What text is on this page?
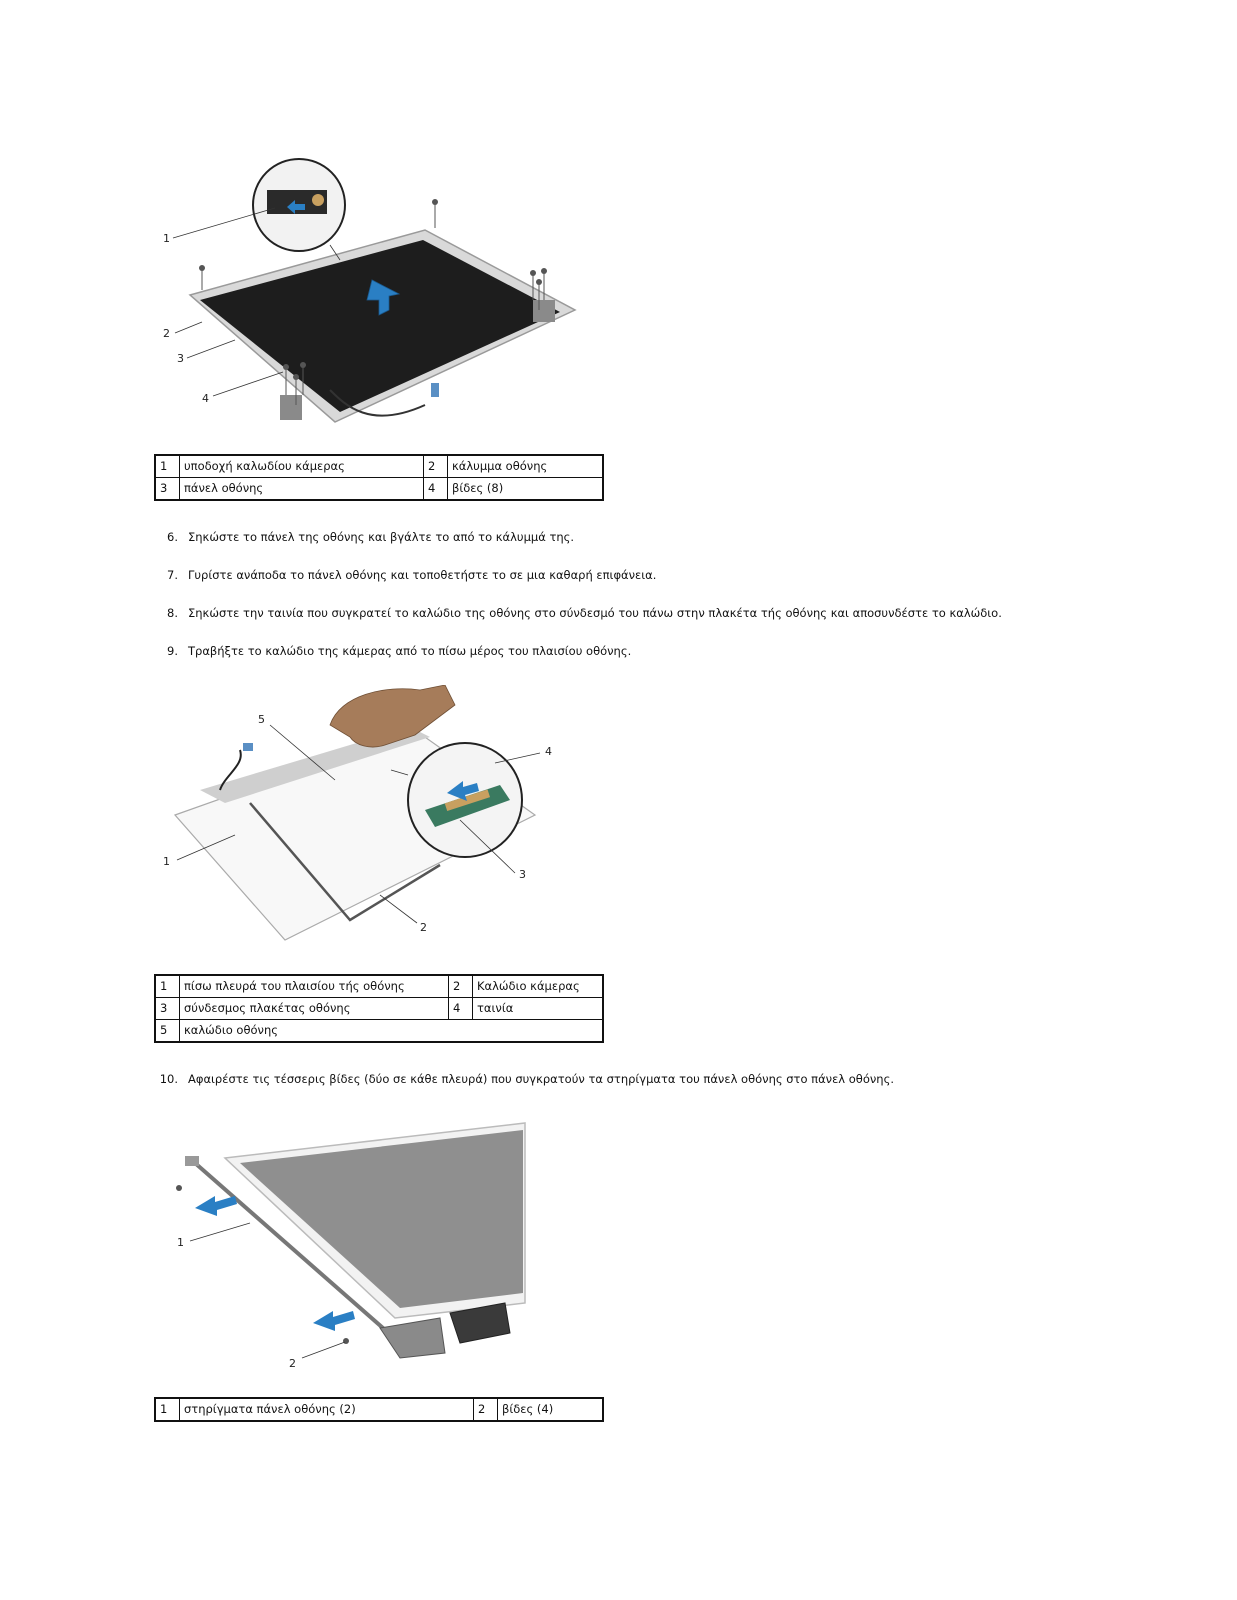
1
2
3
4
1	υποδοχή καλωδίου κάμερας	2	κάλυμμα οθόνης
3	πάνελ οθόνης	4	βίδες (8)
6. Σηκώστε το πάνελ της οθόνης και βγάλτε το από το κάλυμμά της.
7. Γυρίστε ανάποδα το πάνελ οθόνης και τοποθετήστε το σε μια καθαρή επιφάνεια.
8. Σηκώστε την ταινία που συγκρατεί το καλώδιο της οθόνης στο σύνδεσμό του πάνω στην πλακέτα τής οθόνης και αποσυνδέστε το καλώδιο.
9. Τραβήξτε το καλώδιο της κάμερας από το πίσω μέρος του πλαισίου οθόνης.
5
4
1
3
2
1	πίσω πλευρά του πλαισίου τής οθόνης	2	Καλώδιο κάμερας
3	σύνδεσμος πλακέτας οθόνης	4	ταινία
5	καλώδιο οθόνης		
10. Αφαιρέστε τις τέσσερις βίδες (δύο σε κάθε πλευρά) που συγκρατούν τα στηρίγματα του πάνελ οθόνης στο πάνελ οθόνης.
1
2
1	στηρίγματα πάνελ οθόνης (2)	2	βίδες (4)
